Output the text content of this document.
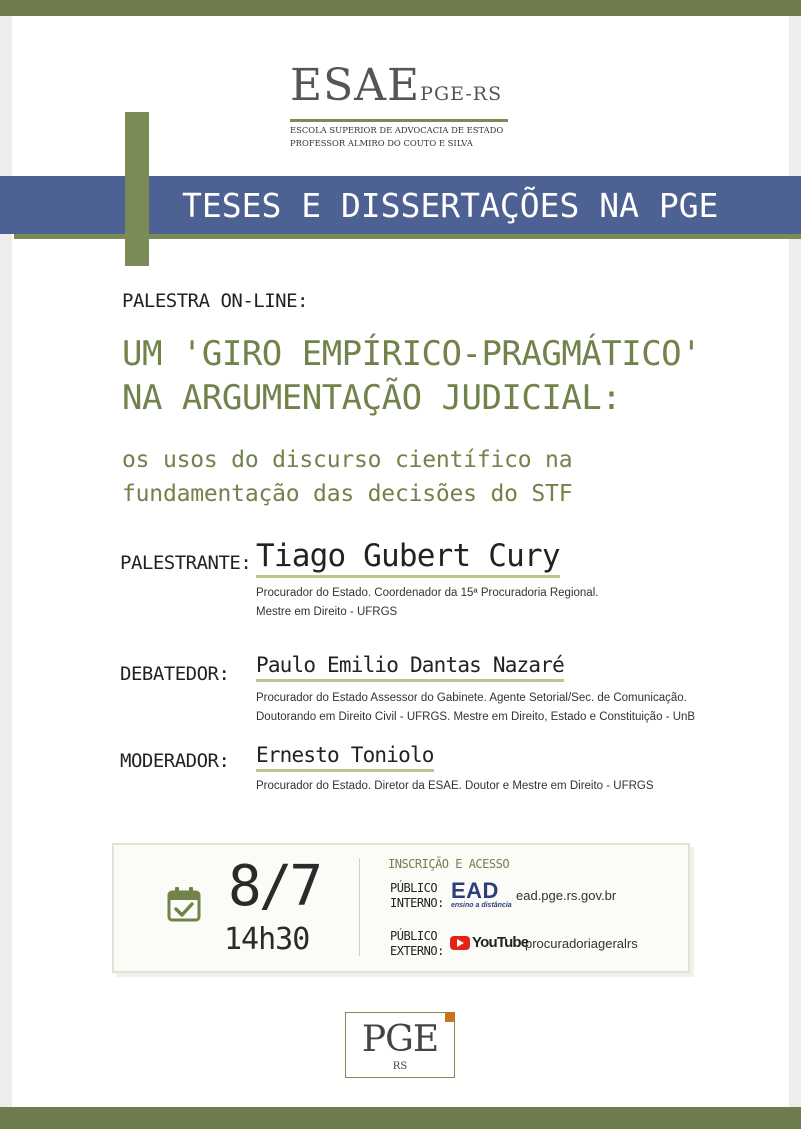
ESAEPGE-RS
ESCOLA SUPERIOR DE ADVOCACIA DE ESTADO
PROFESSOR ALMIRO DO COUTO E SILVA
TESES E DISSERTAÇÕES NA PGE
PALESTRA ON-LINE:
UM 'GIRO EMPÍRICO-PRAGMÁTICO'
NA ARGUMENTAÇÃO JUDICIAL:
os usos do discurso científico na
fundamentação das decisões do STF
PALESTRANTE: Tiago Gubert Cury
Procurador do Estado. Coordenador da 15ª Procuradoria Regional.
Mestre em Direito - UFRGS
DEBATEDOR: Paulo Emilio Dantas Nazaré
Procurador do Estado Assessor do Gabinete. Agente Setorial/Sec. de Comunicação.
Doutorando em Direito Civil - UFRGS. Mestre em Direito, Estado e Constituição - UnB
MODERADOR: Ernesto Toniolo
Procurador do Estado. Diretor da ESAE. Doutor e Mestre em Direito - UFRGS
8/7
14h30
INSCRIÇÃO E ACESSO
PÚBLICO
INTERNO: EAD
ensino a distância
ead.pge.rs.gov.br
PÚBLICO
EXTERNO: YouTube
procuradoriageralrs
PGE
RS
